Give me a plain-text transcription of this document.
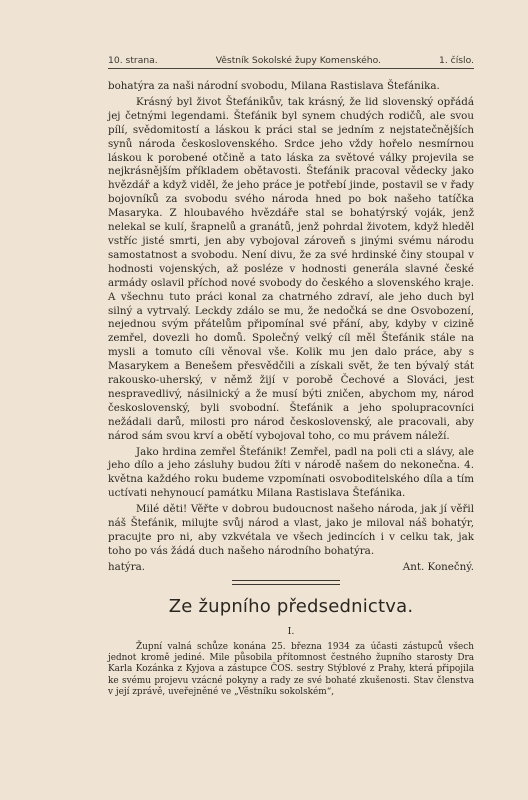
10. strana.	Věstník Sokolské župy Komenského.	1. číslo.

bohatýra za naši národní svobodu, Milana Rastislava Štefánika.

Krásný byl život Štefánikův, tak krásný, že lid slovenský opřádá jej četnými legendami. Štefánik byl synem chudých rodičů, ale svou pílí, svědomitostí a láskou k práci stal se jedním z nejstatečnějších synů národa československého. Srdce jeho vždy hořelo nesmírnou láskou k porobené otčině a tato láska za světové války projevila se nejkrásnějším příkladem obětavosti. Štefánik pracoval vědecky jako hvězdář a když viděl, že jeho práce je potřebí jinde, postavil se v řady bojovníků za svobodu svého národa hned po bok našeho tatíčka Masaryka. Z hloubavého hvězdáře stal se bohatýrský voják, jenž nelekal se kulí, šrapnelů a granátů, jenž pohrdal životem, když hleděl vstříc jisté smrti, jen aby vybojoval zároveň s jinými svému národu samostatnost a svobodu. Není divu, že za své hrdinské činy stoupal v hodnosti vojenských, až posléze v hodnosti generála slavné české armády oslavil příchod nové svobody do českého a slovenského kraje. A všechnu tuto práci konal za chatrného zdraví, ale jeho duch byl silný a vytrvalý. Leckdy zdálo se mu, že nedočká se dne Osvobození, nejednou svým přátelům připomínal své přání, aby, kdyby v cizině zemřel, dovezli ho domů. Společný velký cíl měl Štefánik stále na mysli a tomuto cíli věnoval vše. Kolik mu jen dalo práce, aby s Masarykem a Benešem přesvědčili a získali svět, že ten bývalý stát rakousko-uherský, v němž žijí v porobě Čechové a Slováci, jest nespravedlivý, násilnický a že musí býti zničen, abychom my, národ československý, byli svobodní. Štefánik a jeho spolupracovníci nežádali darů, milosti pro národ československý, ale pracovali, aby národ sám svou krví a obětí vybojoval toho, co mu právem náleží.

Jako hrdina zemřel Štefánik! Zemřel, padl na poli cti a slávy, ale jeho dílo a jeho zásluhy budou žíti v národě našem do nekonečna. 4. května každého roku budeme vzpomínati osvoboditelského díla a tím uctívati nehynoucí památku Milana Rastislava Štefánika.

Milé děti! Věřte v dobrou budoucnost našeho národa, jak jí věřil náš Štefánik, milujte svůj národ a vlast, jako je miloval náš bohatýr, pracujte pro ni, aby vzkvétala ve všech jedincích i v celku tak, jak toho po vás žádá duch našeho národního bohatýra.

hatýra.	Ant. Konečný.
Ze župního předsednictva.
I.
Župní valná schůze konána 25. března 1934 za účasti zástupců všech jednot kromě jediné. Mile působila přítomnost čestného župního starosty Dra Karla Kozánka z Kyjova a zástupce ČOS. sestry Stýblové z Prahy, která připojila ke svému projevu vzácné pokyny a rady ze své bohaté zkušenosti. Stav členstva v její zprávě, uveřejněné ve „Věstníku sokolském“,
